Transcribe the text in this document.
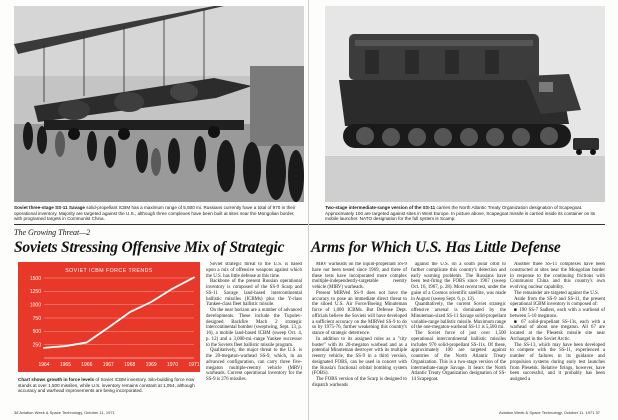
Soviet three-stage SS-11 Savage solid-propellant ICBM has a maximum range of 5,500 mi. Russians currently have a total of 970 in their operational inventory. Majority are targeted against the U.S., although three complexes have been built at sites near the Mongolian border, with programed targets in Communist China.
The Growing Threat—2
Soviets Stressing Offensive Mix of Strategic
SOVIET ICBM FORCE TRENDS
250
500
750
1000
1250
1500
1964 1965 1966 1967 1968 1969 1970 1971
Chart shows growth in force levels of Soviet ICBM inventory. Silo-building force now stands at over 1,500 missiles, while U.S. inventory remains constant at 1,054, although accuracy and warhead improvements are being incorporated.

Soviet strategic threat to the U.S. is based upon a mix of offensive weapons against which the U.S. has little defense at this time.

Backbone of the present Russian operational inventory is composed of the SS-9 Scarp and SS-11 Savage land-based intercontinental ballistic missiles (ICBMs) plus the Y-class Yankee-class fleet ballistic missile.

On the near horizon are a number of advanced developments. These include the Tupolev-designed Backfire Mach 2 strategic intercontinental bomber (sweptwing, Sept. 13, p. 16), a mobile land-based ICBM (sweep Oct. 4, p. 12) and a 3,000-mi.-range Yankee successor to the Soviets fleet ballistic missile program.

Qualitatively, the major threat to the U.S. is the 20-megaton-warhead SS-9, which, in an advanced configuration, can carry three five-megaton multiple-reentry vehicle (MRV) warheads. Current operational inventory for the SS-9 is 276 missiles.

36 Aviation Week & Space Technology, October 11, 1971
Two-stage intermediate-range version of the SS-11 carries the North Atlantic Treaty Organization designation of Scapegoat. Approximately 100 are targeted against sites in West Europe. In picture above, Scapegoat missile is carried inside its container on its mobile launcher. NATO designation for the full system is Scamp.
Arms for Which U.S. Has Little Defense

MRV warheads on the liquid-propellant SS-9 have not been tested since 1969, and three of these tests have incorporated more complex multiple-independently-targetable reentry vehicle (MIRV) warheads.

Present MIRVed SS-9 does not have the accuracy to pose an immediate direct threat to the siloed U.S. Air Force/Boeing Minuteman force of 1,000 ICBMs. But Defense Dept. officials believe the Soviets will have developed a sufficient accuracy on the MIRVed SS-9 to do so by 1975-76, further weakening this country's stance of strategic deterrence.

In addition to its assigned roles as a "city buster" with its 20-megaton warhead and as a potential Minuteman destroyer with its multiple reentry vehicle, the SS-9 in a third version, designated FOBS, can be used in concert with the Russia's fractional orbital bombing system (FOBS).

The FOBS version of the Scarp is designed to dispatch warheads

against the U.S. on a south polar orbit to further complicate this country's detection and early warning problems. The Russians have been test-firing the FOBS since 1967 (sweep Oct. 16, 1967, p. 28). Most recent test, under the guise of a Cosmos scientific satellite, was made in August (sweep Sept. 6, p. 13).

Quantitatively, the current Soviet strategic offensive arsenal is dominated by the Minuteman-sized SS-11 Savage solid-propellant variable-range ballistic missile. Maximum range of the one-megaton-warhead SS-11 is 5,500 mi.

The Soviet force of just over 1,500 operational intercontinental ballistic missiles includes 970 solid-propellant SS-11s. Of these, approximately 100 are targeted against countries of the North Atlantic Treaty Organization. This is a two-stage version of the intermediate-range Savage. It bears the North Atlantic Treaty Organization designation of SS-14 Scapegoat.

Another three SS-11 complexes have been constructed at sites near the Mongolian border in response to the continuing frictions with Communist China and this country's own evolving nuclear capability.

The remainder are targeted against the U.S.

Aside from the SS-9 and SS-11, the present operational ICBM inventory is composed of:

■ 190 SS-7 Sadlers, each with a warhead of between 5-10 megatons.

■ 67 solid-propellant SS-13s, each with a warhead of about one megaton. All 67 are located at the Plesetsk missile site near Archangel in the Soviet Arctic.

The SS-13, which may have been developed to compete with the SS-11, experienced a number of failures in its guidance and propulsion systems during early test launches from Plesetsk. Relative firings, however, have been successful, and it probably has been assigned a

Aviation Week & Space Technology, October 11, 1971 37
